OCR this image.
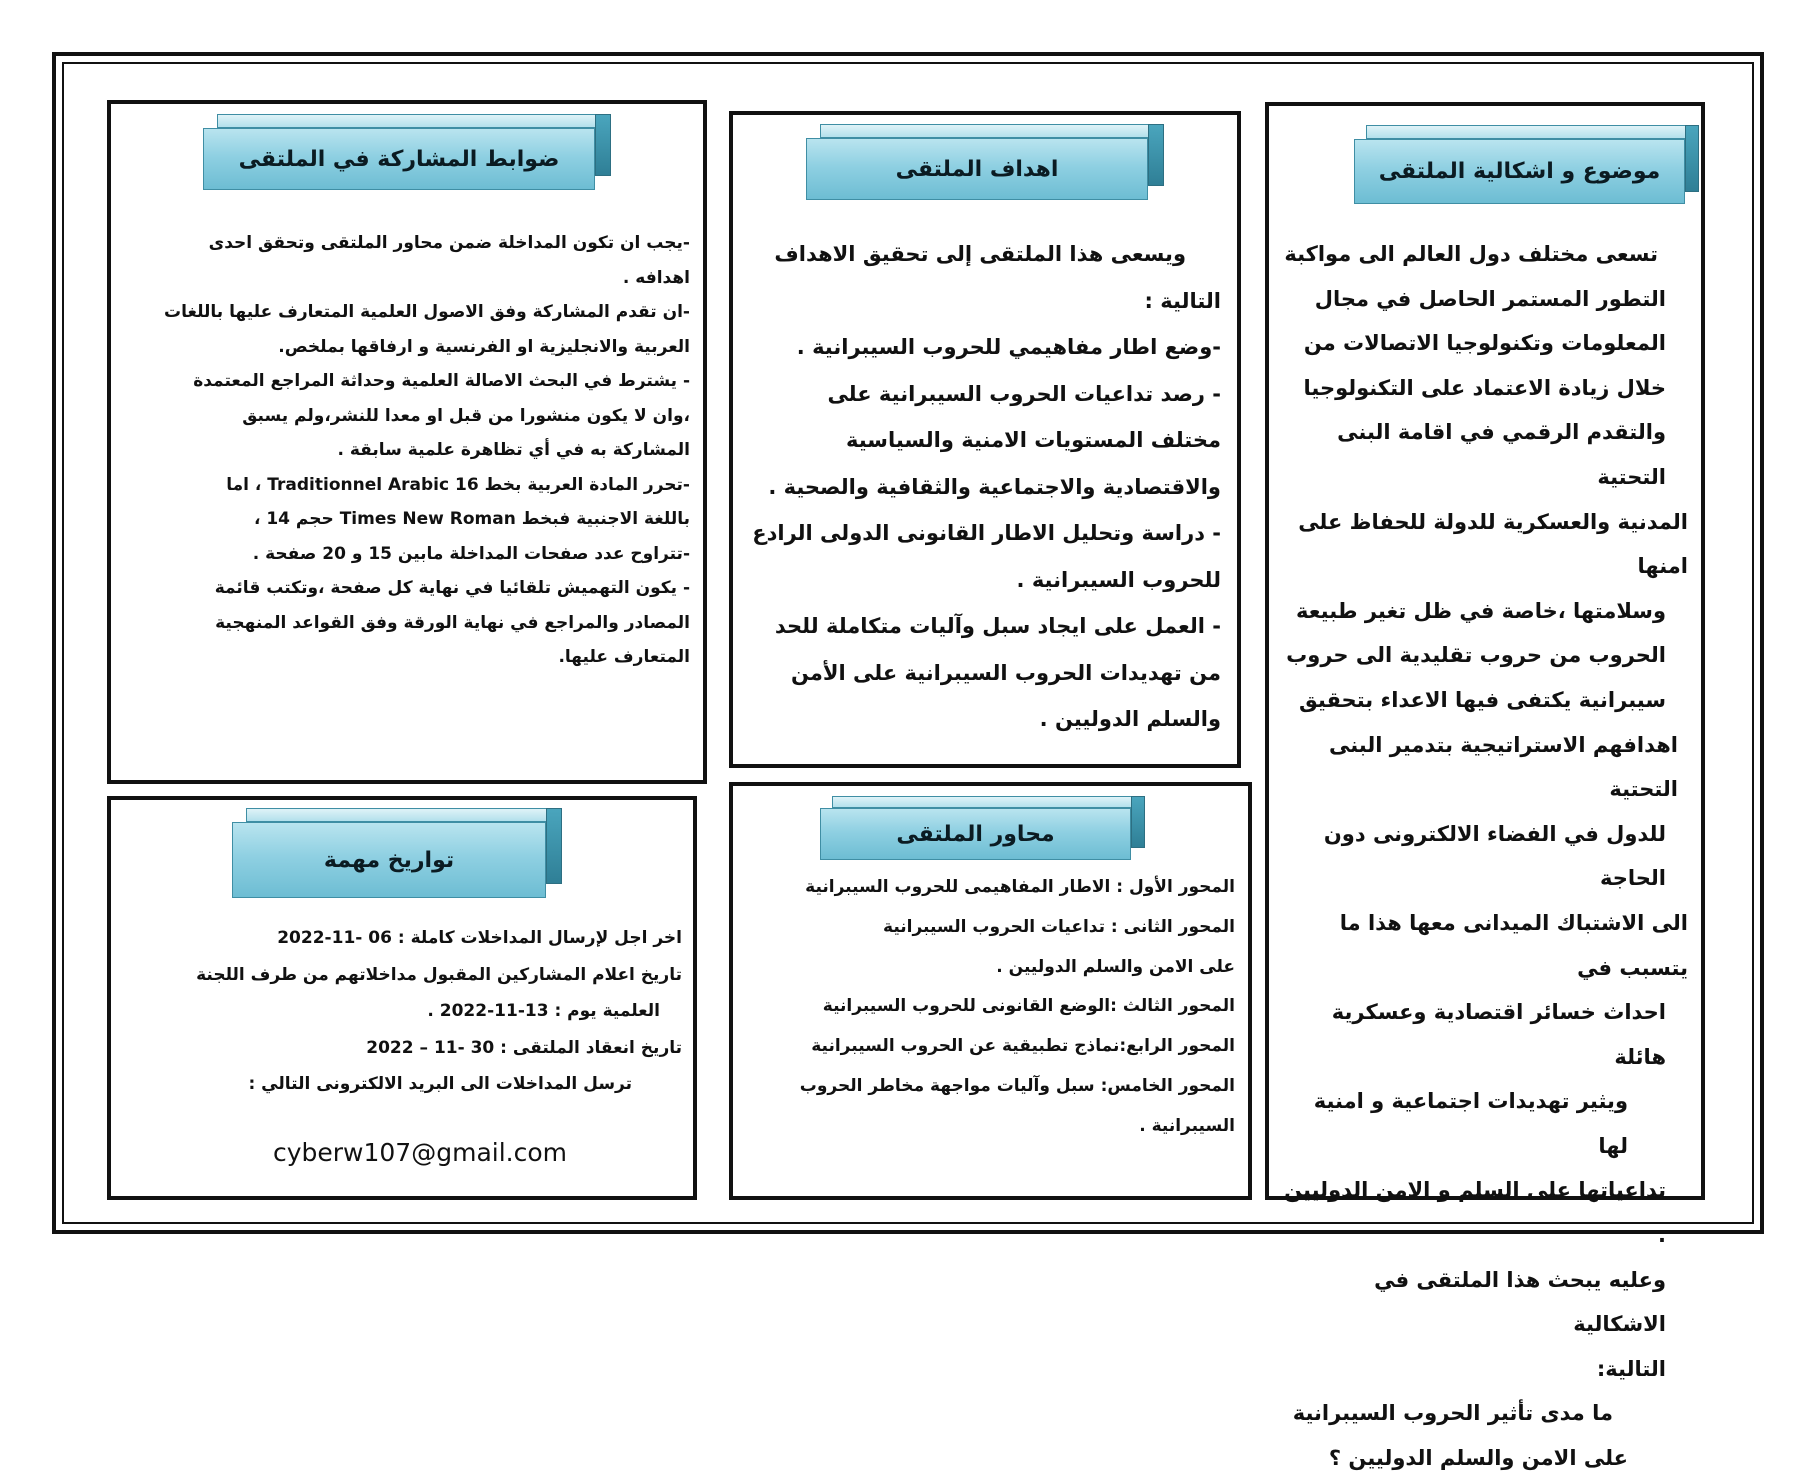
موضوع و اشكالية الملتقى

تسعى مختلف دول العالم الى مواكبة

التطور المستمر الحاصل في مجال

المعلومات وتكنولوجيا الاتصالات من

خلال زيادة الاعتماد على التكنولوجيا

والتقدم الرقمي في اقامة البنى التحتية

المدنية والعسكرية للدولة للحفاظ على امنها

وسلامتها ،خاصة في ظل تغير طبيعة

الحروب من حروب تقليدية الى حروب

سيبرانية يكتفى فيها الاعداء بتحقيق

اهدافهم الاستراتيجية بتدمير البنى التحتية

للدول في الفضاء الالكترونى دون الحاجة

الى الاشتباك الميدانى معها هذا ما يتسبب في

احداث خسائر اقتصادية وعسكرية هائلة

ويثير تهديدات اجتماعية و امنية لها

تداعياتها على السلم و الامن الدوليين .

وعليه يبحث هذا الملتقى في الاشكالية

التالية:

ما مدى تأثير الحروب السيبرانية

على الامن والسلم الدوليين ؟

اهداف الملتقى

ويسعى هذا الملتقى إلى تحقيق الاهداف

التالية :

-وضع اطار مفاهيمي للحروب السيبرانية .

- رصد تداعيات الحروب السيبرانية على

مختلف المستويات الامنية والسياسية

والاقتصادية والاجتماعية والثقافية والصحية .

- دراسة وتحليل الاطار القانونى الدولى الرادع

للحروب السيبرانية .

- العمل على ايجاد سبل وآليات متكاملة للحد

من تهديدات الحروب السيبرانية على الأمن

والسلم الدوليين .

محاور الملتقى

المحور الأول : الاطار المفاهيمى للحروب السيبرانية

المحور الثانى : تداعيات الحروب السيبرانية

على الامن والسلم الدوليين .

المحور الثالث :الوضع القانونى للحروب السيبرانية

المحور الرابع:نماذج تطبيقية عن الحروب السيبرانية

المحور الخامس: سبل وآليات مواجهة مخاطر الحروب

السيبرانية .

ضوابط المشاركة في الملتقى

-يجب ان تكون المداخلة ضمن محاور الملتقى وتحقق احدى

اهدافه .

-ان تقدم المشاركة وفق الاصول العلمية المتعارف عليها باللغات

العربية والانجليزية او الفرنسية و ارفاقها بملخص.

- يشترط في البحث الاصالة العلمية وحداثة المراجع المعتمدة

،وان لا يكون منشورا من قبل او معدا للنشر،ولم يسبق

المشاركة به في أي تظاهرة علمية سابقة .

-تحرر المادة العربية بخط Traditionnel Arabic 16 ، اما

باللغة الاجنبية فبخط Times New Roman حجم 14 ،

-تتراوح عدد صفحات المداخلة مابين 15 و 20 صفحة .

- يكون التهميش تلقائيا في نهاية كل صفحة ،وتكتب قائمة

المصادر والمراجع في نهاية الورقة وفق القواعد المنهجية

المتعارف عليها.

تواريخ مهمة

اخر اجل لإرسال المداخلات كاملة : 06 -11-2022

تاريخ اعلام المشاركين المقبول مداخلاتهم من طرف اللجنة

العلمية يوم : 13-11-2022 .

تاريخ انعقاد الملتقى : 30 -11 – 2022

ترسل المداخلات الى البريد الالكترونى التالي :

cyberw107@gmail.com
